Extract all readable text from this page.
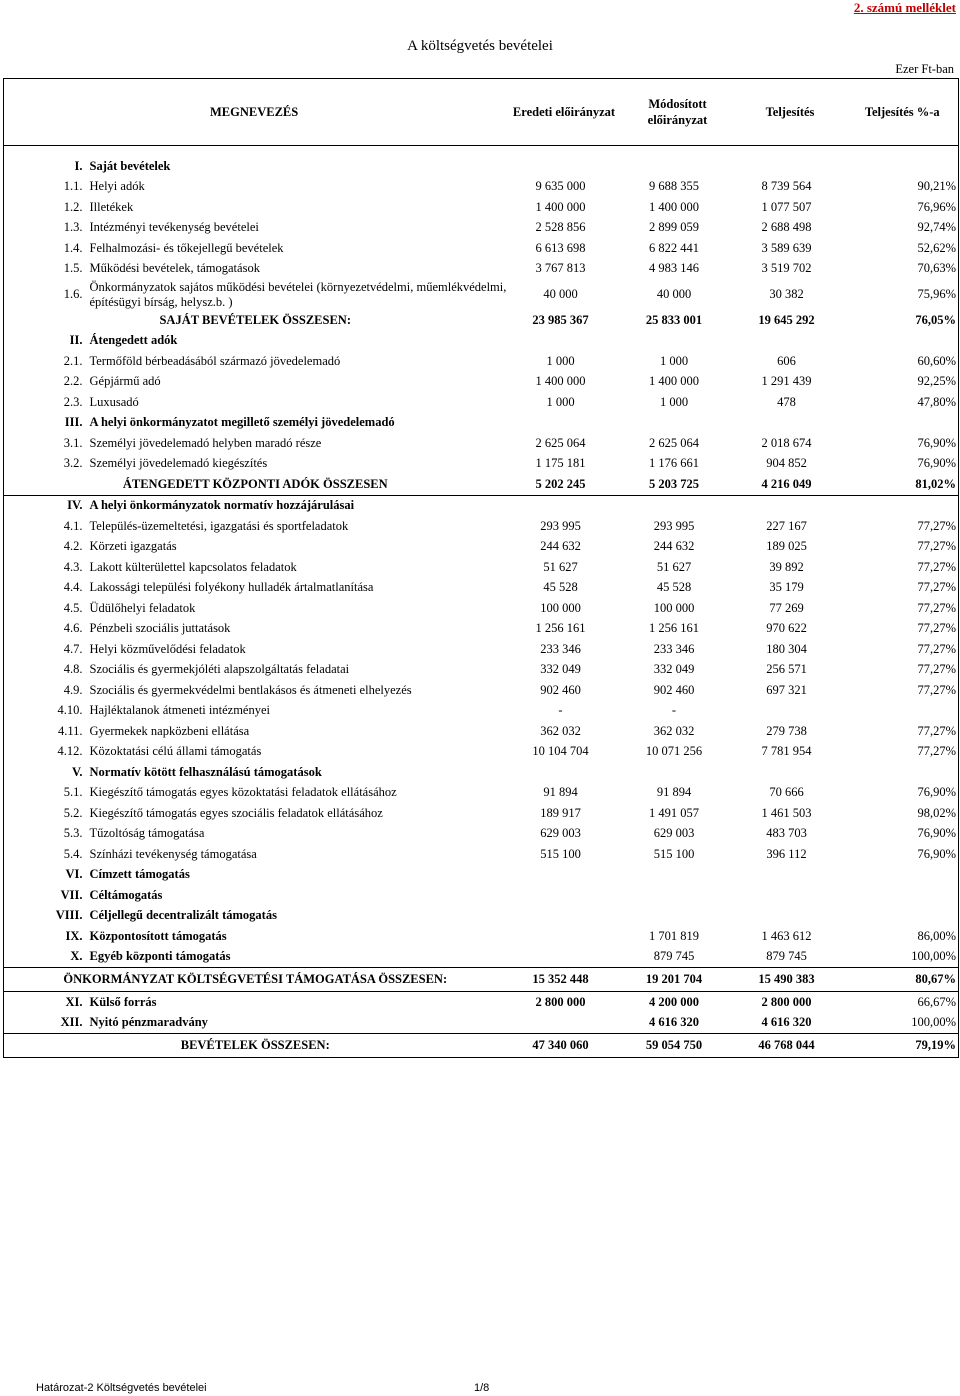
2. számú melléklet
A költségvetés bevételei
Ezer Ft-ban
MEGNEVEZÉS		Eredeti előirányzat	Módosított előirányzat	Teljesítés	Teljesítés %-a

I.	Saját bevételek				
1.1.	Helyi adók	9 635 000	9 688 355	8 739 564	90,21%
1.2.	Illetékek	1 400 000	1 400 000	1 077 507	76,96%
1.3.	Intézményi tevékenység bevételei	2 528 856	2 899 059	2 688 498	92,74%
1.4.	Felhalmozási- és tőkejellegű bevételek	6 613 698	6 822 441	3 589 639	52,62%
1.5.	Működési bevételek, támogatások	3 767 813	4 983 146	3 519 702	70,63%
1.6.	Önkormányzatok sajátos működési bevételei (környezetvédelmi, műemlékvédelmi, építésügyi bírság, helysz.b. )	40 000	40 000	30 382	75,96%
SAJÁT BEVÉTELEK ÖSSZESEN:		23 985 367	25 833 001	19 645 292	76,05%
II.	Átengedett adók				
2.1.	Termőföld bérbeadásából származó jövedelemadó	1 000	1 000	606	60,60%
2.2.	Gépjármű adó	1 400 000	1 400 000	1 291 439	92,25%
2.3.	Luxusadó	1 000	1 000	478	47,80%
III.	A helyi önkormányzatot megillető személyi jövedelemadó				
3.1.	Személyi jövedelemadó helyben maradó része	2 625 064	2 625 064	2 018 674	76,90%
3.2.	Személyi jövedelemadó kiegészítés	1 175 181	1 176 661	904 852	76,90%
ÁTENGEDETT KÖZPONTI ADÓK ÖSSZESEN		5 202 245	5 203 725	4 216 049	81,02%
IV.	A helyi önkormányzatok normatív hozzájárulásai				
4.1.	Település-üzemeltetési, igazgatási és sportfeladatok	293 995	293 995	227 167	77,27%
4.2.	Körzeti igazgatás	244 632	244 632	189 025	77,27%
4.3.	Lakott külterülettel kapcsolatos feladatok	51 627	51 627	39 892	77,27%
4.4.	Lakossági települési folyékony hulladék ártalmatlanítása	45 528	45 528	35 179	77,27%
4.5.	Üdülőhelyi feladatok	100 000	100 000	77 269	77,27%
4.6.	Pénzbeli szociális juttatások	1 256 161	1 256 161	970 622	77,27%
4.7.	Helyi közművelődési feladatok	233 346	233 346	180 304	77,27%
4.8.	Szociális és gyermekjóléti alapszolgáltatás feladatai	332 049	332 049	256 571	77,27%
4.9.	Szociális és gyermekvédelmi bentlakásos és átmeneti elhelyezés	902 460	902 460	697 321	77,27%
4.10.	Hajléktalanok átmeneti intézményei	-	-		
4.11.	Gyermekek napközbeni ellátása	362 032	362 032	279 738	77,27%
4.12.	Közoktatási célú állami támogatás	10 104 704	10 071 256	7 781 954	77,27%
V.	Normatív kötött felhasználású támogatások				
5.1.	Kiegészítő támogatás egyes közoktatási feladatok ellátásához	91 894	91 894	70 666	76,90%
5.2.	Kiegészítő támogatás egyes szociális feladatok ellátásához	189 917	1 491 057	1 461 503	98,02%
5.3.	Tűzoltóság támogatása	629 003	629 003	483 703	76,90%
5.4.	Színházi tevékenység támogatása	515 100	515 100	396 112	76,90%
VI.	Címzett támogatás				
VII.	Céltámogatás				
VIII.	Céljellegű decentralizált támogatás				
IX.	Központosított támogatás		1 701 819	1 463 612	86,00%
X.	Egyéb központi támogatás		879 745	879 745	100,00%
ÖNKORMÁNYZAT KÖLTSÉGVETÉSI TÁMOGATÁSA ÖSSZESEN:		15 352 448	19 201 704	15 490 383	80,67%
XI.	Külső forrás	2 800 000	4 200 000	2 800 000	66,67%
XII.	Nyitó pénzmaradvány		4 616 320	4 616 320	100,00%
BEVÉTELEK ÖSSZESEN:		47 340 060	59 054 750	46 768 044	79,19%
Határozat-2 Költségvetés bevételei	1/8
